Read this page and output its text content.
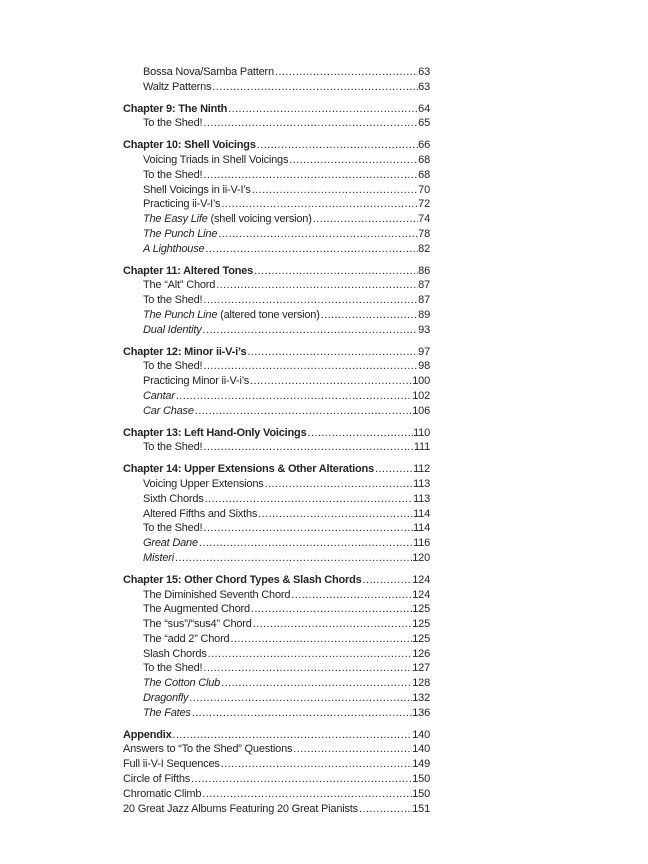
Bossa Nova/Samba Pattern .....	63
Waltz Patterns .....	63
Chapter 9: The Ninth .....	64
To the Shed! .....	65
Chapter 10: Shell Voicings .....	66
Voicing Triads in Shell Voicings .....	68
To the Shed! .....	68
Shell Voicings in ii-V-I’s .....	70
Practicing ii-V-I’s .....	72
The Easy Life (shell voicing version) .....	74
The Punch Line .....	78
A Lighthouse .....	82
Chapter 11: Altered Tones .....	86
The “Alt” Chord .....	87
To the Shed! .....	87
The Punch Line (altered tone version) .....	89
Dual Identity .....	93
Chapter 12: Minor ii-V-i’s .....	97
To the Shed! .....	98
Practicing Minor ii-V-i’s .....	100
Cantar .....	102
Car Chase .....	106
Chapter 13: Left Hand-Only Voicings .....	110
To the Shed! .....	111
Chapter 14: Upper Extensions & Other Alterations .....	112
Voicing Upper Extensions .....	113
Sixth Chords .....	113
Altered Fifths and Sixths .....	114
To the Shed! .....	114
Great Dane .....	116
Misteri .....	120
Chapter 15: Other Chord Types & Slash Chords .....	124
The Diminished Seventh Chord .....	124
The Augmented Chord .....	125
The “sus”/“sus4” Chord .....	125
The “add 2” Chord .....	125
Slash Chords .....	126
To the Shed! .....	127
The Cotton Club .....	128
Dragonfly .....	132
The Fates .....	136
Appendix .....	140
Answers to “To the Shed” Questions .....	140
Full ii-V-I Sequences .....	149
Circle of Fifths .....	150
Chromatic Climb .....	150
20 Great Jazz Albums Featuring 20 Great Pianists .....	151
